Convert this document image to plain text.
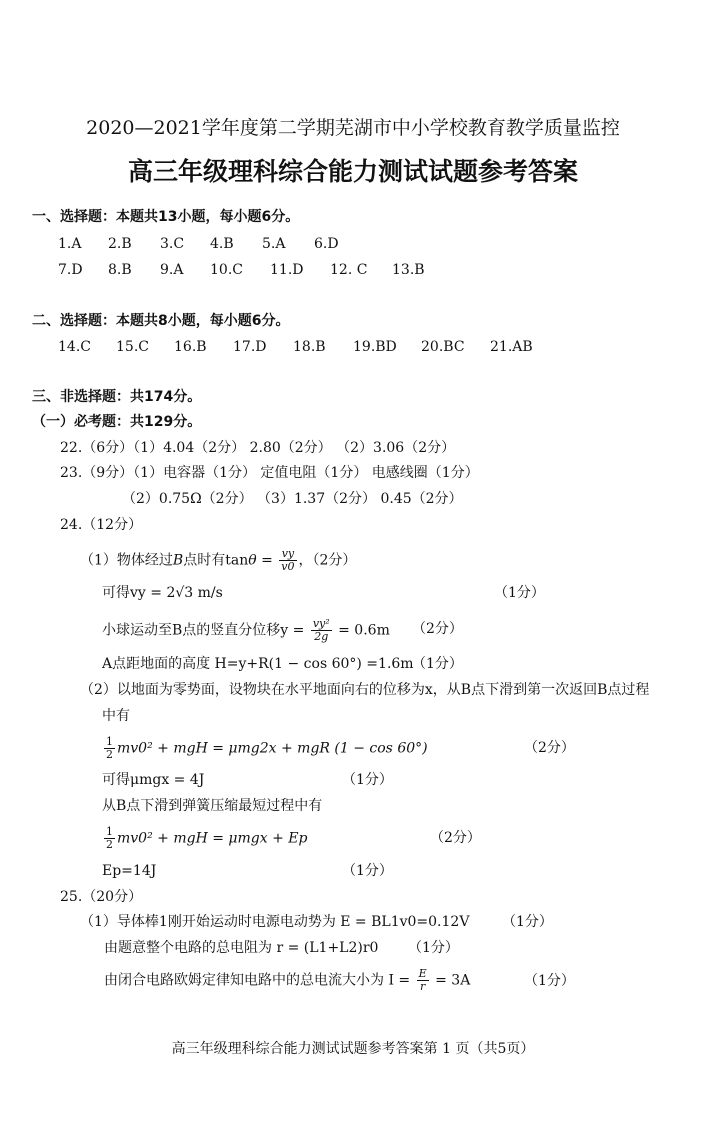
2020—2021学年度第二学期芜湖市中小学校教育教学质量监控
高三年级理科综合能力测试试题参考答案
一、选择题：本题共13小题，每小题6分。
1.A 2.B 3.C 4.B 5.A 6.D
7.D 8.B 9.A 10.C 11.D 12. C 13.B
二、选择题：本题共8小题，每小题6分。
14.C 15.C 16.B 17.D 18.B 19.BD 20.BC 21.AB
三、非选择题：共174分。
（一）必考题：共129分。
22.（6分）（1）4.04（2分） 2.80（2分） （2）3.06（2分）
23.（9分）（1）电容器（1分） 定值电阻（1分） 电感线圈（1分）
（2）0.75Ω（2分） （3）1.37（2分） 0.45（2分）
24.（12分）
（1）物体经过B点时有$\tan\theta = \frac{vy}{v0}$ ，（2分）
可得vy = 2√3 m/s	（1分）
小球运动至B点的竖直分位移$y = \frac{\text{vy²}}{2g} = 0.6m$ （2分）
A点距地面的高度 H=y+R(1 − cos 60°) =1.6m
（1分）
（2）以地面为零势面，设物块在水平地面向右的位移为x，从B点下滑到第一次返回B点过程
中有
$\frac{1}{2} mv0^2$ + mgH = μmg2x + mgR (1 − cos 60°)	（2分）
可得μmgx = 4J	（1分）
从B点下滑到弹簧压缩最短过程中有
$\frac{1}{2} mv0^2$ + mgH = μmgx + Ep	（2分）
Ep=14J	（1分）
25.（20分）
（1）导体棒1刚开始运动时电源电动势为 E = BL1v0=0.12V （1分）
由题意整个电路的总电阻为 r = (L1+L2)r0 （1分）
由闭合电路欧姆定律知电路中的总电流大小为 $I = \frac{E}{r} = 3A$	（1分）
高三年级理科综合能力测试试题参考答案第 1 页（共5页）
